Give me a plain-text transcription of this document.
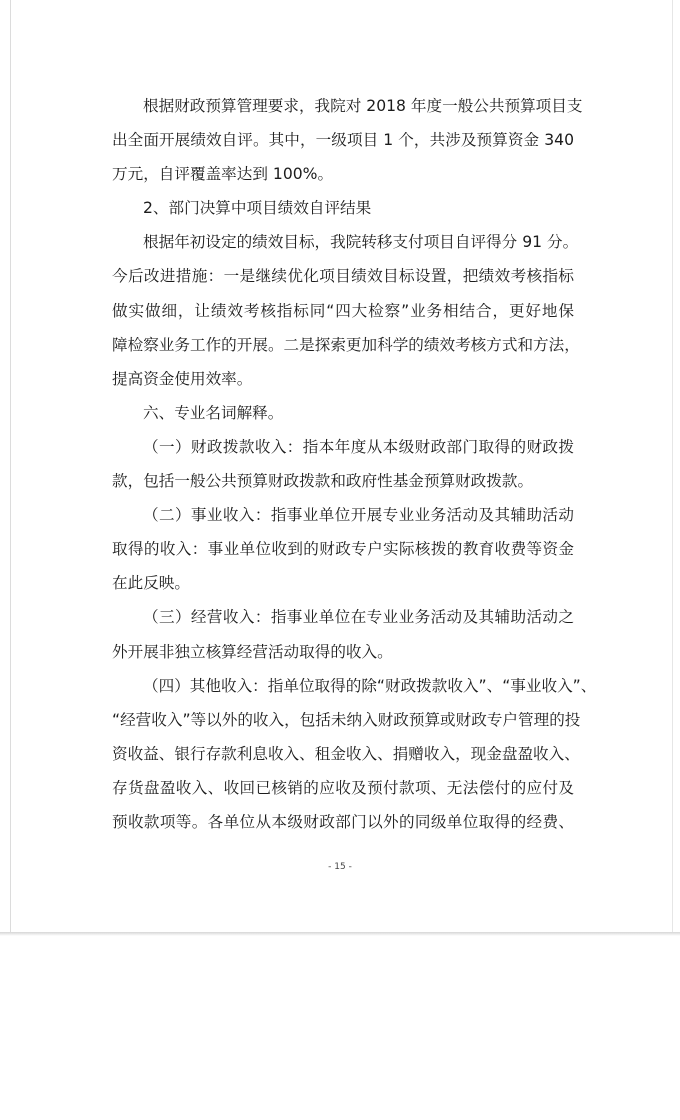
根据财政预算管理要求，我院对 2018 年度一般公共预算项目支
出全面开展绩效自评。其中，一级项目 1 个，共涉及预算资金 340
万元，自评覆盖率达到 100%。
2、部门决算中项目绩效自评结果
根据年初设定的绩效目标，我院转移支付项目自评得分 91 分。
今后改进措施：一是继续优化项目绩效目标设置，把绩效考核指标
做实做细，让绩效考核指标同“四大检察”业务相结合，更好地保
障检察业务工作的开展。二是探索更加科学的绩效考核方式和方法，
提高资金使用效率。
六、专业名词解释。
（一）财政拨款收入：指本年度从本级财政部门取得的财政拨
款，包括一般公共预算财政拨款和政府性基金预算财政拨款。
（二）事业收入：指事业单位开展专业业务活动及其辅助活动
取得的收入：事业单位收到的财政专户实际核拨的教育收费等资金
在此反映。
（三）经营收入：指事业单位在专业业务活动及其辅助活动之
外开展非独立核算经营活动取得的收入。
（四）其他收入：指单位取得的除“财政拨款收入”、“事业收入”、
“经营收入”等以外的收入，包括未纳入财政预算或财政专户管理的投
资收益、银行存款利息收入、租金收入、捐赠收入，现金盘盈收入、
存货盘盈收入、收回已核销的应收及预付款项、无法偿付的应付及
预收款项等。各单位从本级财政部门以外的同级单位取得的经费、
- 15 -
